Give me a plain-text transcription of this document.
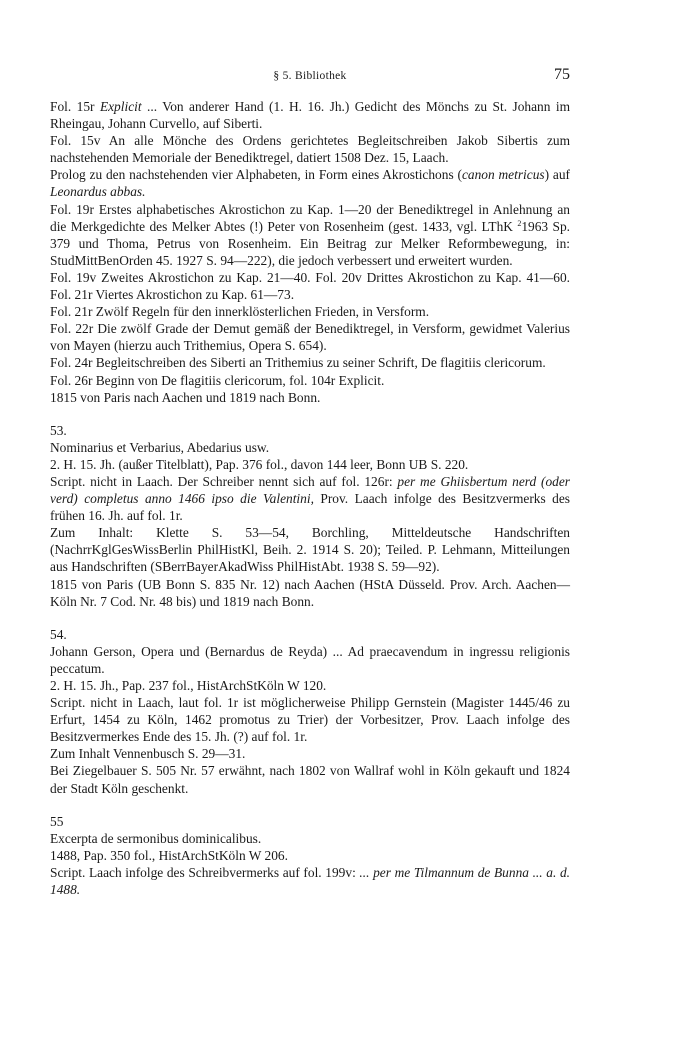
§ 5. Bibliothek	75

Fol. 15r Explicit ... Von anderer Hand (1. H. 16. Jh.) Gedicht des Mönchs zu St. Johann im Rheingau, Johann Curvello, auf Siberti.

Fol. 15v An alle Mönche des Ordens gerichtetes Begleitschreiben Jakob Sibertis zum nachstehenden Memoriale der Benediktregel, datiert 1508 Dez. 15, Laach.

Prolog zu den nachstehenden vier Alphabeten, in Form eines Akrostichons (canon metricus) auf Leonardus abbas.

Fol. 19r Erstes alphabetisches Akrostichon zu Kap. 1—20 der Benediktregel in Anlehnung an die Merkgedichte des Melker Abtes (!) Peter von Rosenheim (gest. 1433, vgl. LThK $^2$1963 Sp. 379 und Thoma, Petrus von Rosenheim. Ein Beitrag zur Melker Reformbewegung, in: StudMittBenOrden 45. 1927 S. 94—222), die jedoch verbessert und erweitert wurden.

Fol. 19v Zweites Akrostichon zu Kap. 21—40. Fol. 20v Drittes Akrostichon zu Kap. 41—60. Fol. 21r Viertes Akrostichon zu Kap. 61—73.

Fol. 21r Zwölf Regeln für den innerklösterlichen Frieden, in Versform.

Fol. 22r Die zwölf Grade der Demut gemäß der Benediktregel, in Versform, gewidmet Valerius von Mayen (hierzu auch Trithemius, Opera S. 654).

Fol. 24r Begleitschreiben des Siberti an Trithemius zu seiner Schrift, De flagitiis clericorum.

Fol. 26r Beginn von De flagitiis clericorum, fol. 104r Explicit.

1815 von Paris nach Aachen und 1819 nach Bonn.

53.

Nominarius et Verbarius, Abedarius usw.

2. H. 15. Jh. (außer Titelblatt), Pap. 376 fol., davon 144 leer, Bonn UB S. 220.

Script. nicht in Laach. Der Schreiber nennt sich auf fol. 126r: per me Ghiisbertum nerd (oder verd) completus anno 1466 ipso die Valentini, Prov. Laach infolge des Besitzvermerks des frühen 16. Jh. auf fol. 1r.

Zum Inhalt: Klette S. 53—54, Borchling, Mitteldeutsche Handschriften (NachrrKglGesWissBerlin PhilHistKl, Beih. 2. 1914 S. 20); Teiled. P. Lehmann, Mitteilungen aus Handschriften (SBerrBayerAkadWiss PhilHistAbt. 1938 S. 59—92).

1815 von Paris (UB Bonn S. 835 Nr. 12) nach Aachen (HStA Düsseld. Prov. Arch. Aachen—Köln Nr. 7 Cod. Nr. 48 bis) und 1819 nach Bonn.

54.

Johann Gerson, Opera und (Bernardus de Reyda) ... Ad praecavendum in ingressu religionis peccatum.

2. H. 15. Jh., Pap. 237 fol., HistArchStKöln W 120.

Script. nicht in Laach, laut fol. 1r ist möglicherweise Philipp Gernstein (Magister 1445/46 zu Erfurt, 1454 zu Köln, 1462 promotus zu Trier) der Vorbesitzer, Prov. Laach infolge des Besitzvermerkes Ende des 15. Jh. (?) auf fol. 1r.

Zum Inhalt Vennenbusch S. 29—31.

Bei Ziegelbauer S. 505 Nr. 57 erwähnt, nach 1802 von Wallraf wohl in Köln gekauft und 1824 der Stadt Köln geschenkt.

55

Excerpta de sermonibus dominicalibus.

1488, Pap. 350 fol., HistArchStKöln W 206.

Script. Laach infolge des Schreibvermerks auf fol. 199v: ... per me Tilmannum de Bunna ... a. d. 1488.
